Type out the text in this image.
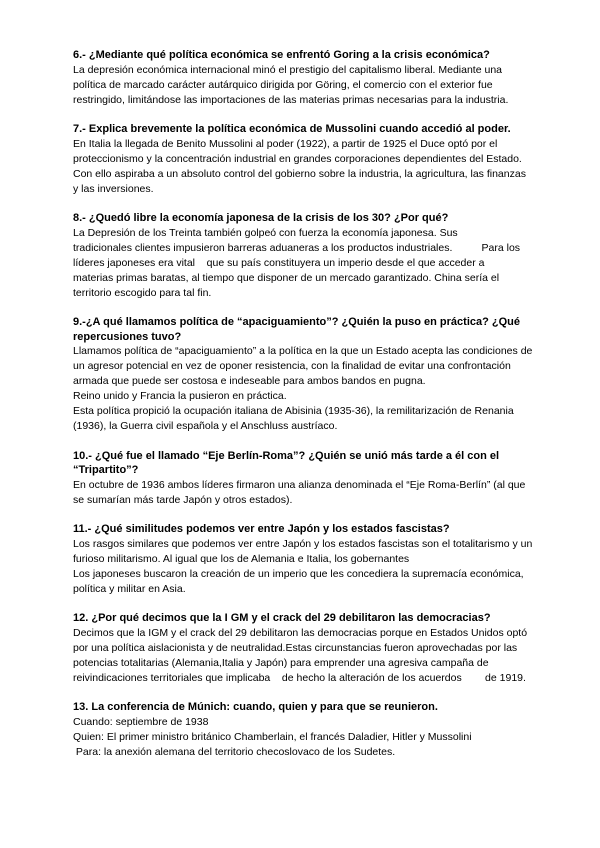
6.- ¿Mediante qué política económica se enfrentó Goring a la crisis económica?

La depresión económica internacional minó el prestigio del capitalismo liberal. Mediante una
política de marcado carácter autárquico dirigida por Göring, el comercio con el exterior fue
restringido, limitándose las importaciones de las materias primas necesarias para la industria.

7.- Explica brevemente la política económica de Mussolini cuando accedió al poder.

En Italia la llegada de Benito Mussolini al poder (1922), a partir de 1925 el Duce optó por el
proteccionismo y la concentración industrial en grandes corporaciones dependientes del Estado.
Con ello aspiraba a un absoluto control del gobierno sobre la industria, la agricultura, las finanzas
y las inversiones.

8.- ¿Quedó libre la economía japonesa de la crisis de los 30? ¿Por qué?

La Depresión de los Treinta también golpeó con fuerza la economía japonesa. Sus
tradicionales clientes impusieron barreras aduaneras a los productos industriales.          Para los
líderes japoneses era vital    que su país constituyera un imperio desde el que acceder a
materias primas baratas, al tiempo que disponer de un mercado garantizado. China sería el
territorio escogido para tal fin.

9.-¿A qué llamamos política de “apaciguamiento”? ¿Quién la puso en práctica? ¿Qué repercusiones tuvo?

Llamamos política de “apaciguamiento” a la política en la que un Estado acepta las condiciones de
un agresor potencial en vez de oponer resistencia, con la finalidad de evitar una confrontación
armada que puede ser costosa e indeseable para ambos bandos en pugna.
Reino unido y Francia la pusieron en práctica.
Esta política propició la ocupación italiana de Abisinia (1935-36), la remilitarización de Renania
(1936), la Guerra civil española y el Anschluss austríaco.

10.- ¿Qué fue el llamado “Eje Berlín-Roma”? ¿Quién se unió más tarde a él con el “Tripartito”?

En octubre de 1936 ambos líderes firmaron una alianza denominada el “Eje Roma-Berlín” (al que
se sumarían más tarde Japón y otros estados).

11.- ¿Qué similitudes podemos ver entre Japón y los estados fascistas?

Los rasgos similares que podemos ver entre Japón y los estados fascistas son el totalitarismo y un
furioso militarismo. Al igual que los de Alemania e Italia, los gobernantes
Los japoneses buscaron la creación de un imperio que les concediera la supremacía económica,
política y militar en Asia.

12. ¿Por qué decimos que la I GM y el crack del 29 debilitaron las democracias?

Decimos que la IGM y el crack del 29 debilitaron las democracias porque en Estados Unidos optó
por una política aislacionista y de neutralidad.Estas circunstancias fueron aprovechadas por las
potencias totalitarias (Alemania,Italia y Japón) para emprender una agresiva campaña de
reivindicaciones territoriales que implicaba    de hecho la alteración de los acuerdos        de 1919.

13. La conferencia de Múnich: cuando, quien y para que se reunieron.

Cuando: septiembre de 1938
Quien: El primer ministro británico Chamberlain, el francés Daladier, Hitler y Mussolini
Para: la anexión alemana del territorio checoslovaco de los Sudetes.
